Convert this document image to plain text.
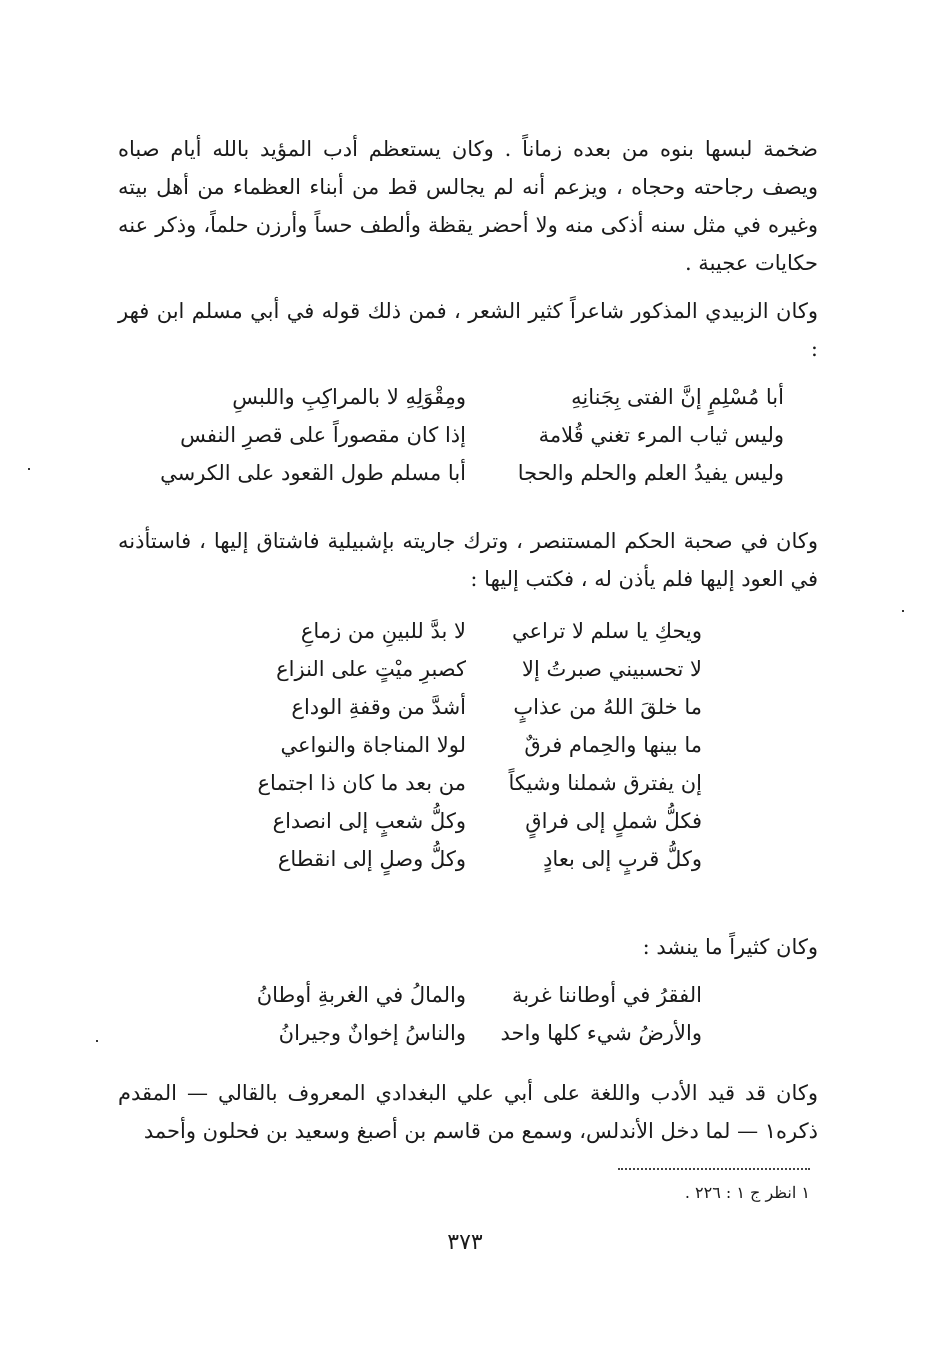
ضخمة لبسها بنوه من بعده زماناً . وكان يستعظم أدب المؤيد بالله أيام صباه ويصف رجاحته وحجاه ، ويزعم أنه لم يجالس قط من أبناء العظماء من أهل بيته وغيره في مثل سنه أذكى منه ولا أحضر يقظة وألطف حساً وأرزن حلماً، وذكر عنه حكايات عجيبة .

وكان الزبيدي المذكور شاعراً كثير الشعر ، فمن ذلك قوله في أبي مسلم ابن فهر :

أبا مُسْلِمٍ إنَّ الفتى بِجَنانِهِ
ومِقْوَلِهِ لا بالمراكِبِ واللبسِ
وليس ثياب المرء تغني قُلامة
إذا كان مقصوراً على قصرِ النفس
وليس يفيدُ العلم والحلم والحجا
أبا مسلم طول القعود على الكرسي

وكان في صحبة الحكم المستنصر ، وترك جاريته بإشبيلية فاشتاق إليها ، فاستأذنه في العود إليها فلم يأذن له ، فكتب إليها :

ويحكِ يا سلم لا تراعي
لا بدَّ للبينِ من زماعِ
لا تحسبيني صبرتُ إلا
كصبرِ ميْتٍ على النزاع
ما خلقَ اللهُ من عذابٍ
أشدَّ من وقفةِ الوداع
ما بينها والحِمام فرقٌ
لولا المناجاة والنواعي
إن يفترق شملنا وشيكاً
من بعد ما كان ذا اجتماع
فكلُّ شملٍ إلى فراقٍ
وكلُّ شعبٍ إلى انصداع
وكلُّ قربٍ إلى بعادٍ
وكلُّ وصلٍ إلى انقطاع

وكان كثيراً ما ينشد :

الفقرُ في أوطاننا غربة
والمالُ في الغربةِ أوطانُ
والأرضُ شيء كلها واحد
والناسُ إخوانٌ وجيرانُ

وكان قد قيد الأدب واللغة على أبي علي البغدادي المعروف بالقالي — المقدم ذكره١ — لما دخل الأندلس، وسمع من قاسم بن أصبغ وسعيد بن فحلون وأحمد

١ انظر ج ١ : ٢٢٦ .
٣٧٣
